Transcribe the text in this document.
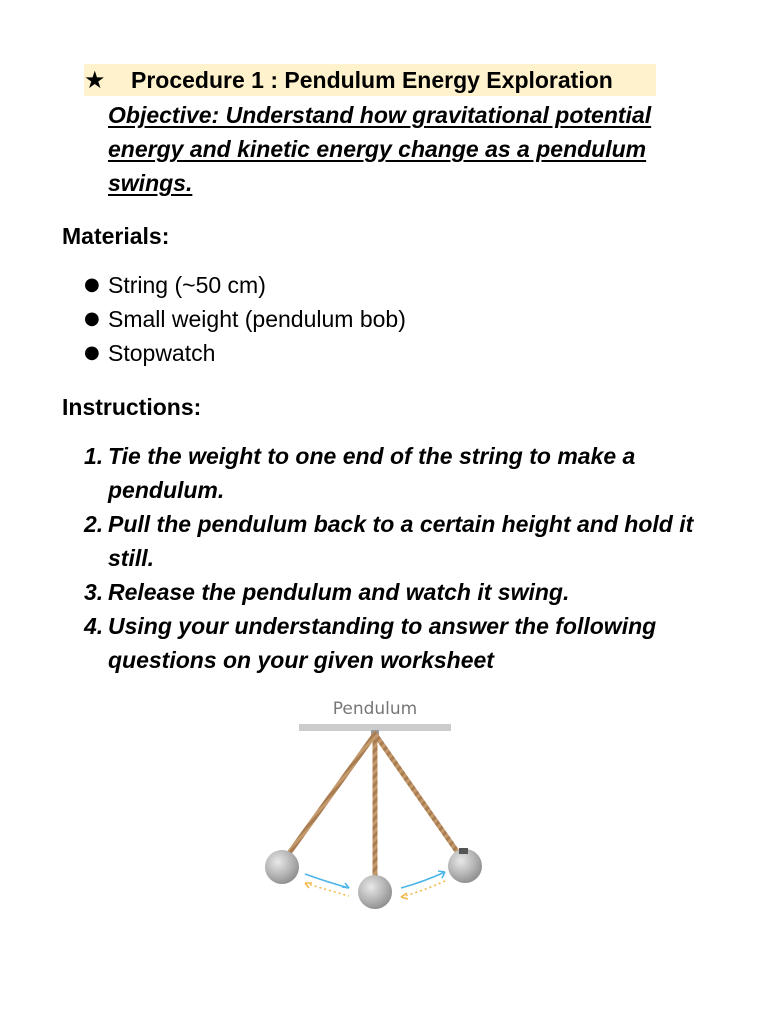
★ Procedure 1 : Pendulum Energy Exploration
Objective: Understand how gravitational potential energy and kinetic energy change as a pendulum swings.
Materials:
● String (~50 cm)
● Small weight (pendulum bob)
● Stopwatch
Instructions:
1. Tie the weight to one end of the string to make a pendulum.
2. Pull the pendulum back to a certain height and hold it still.
3. Release the pendulum and watch it swing.
4. Using your understanding to answer the following questions on your given worksheet
Pendulum
